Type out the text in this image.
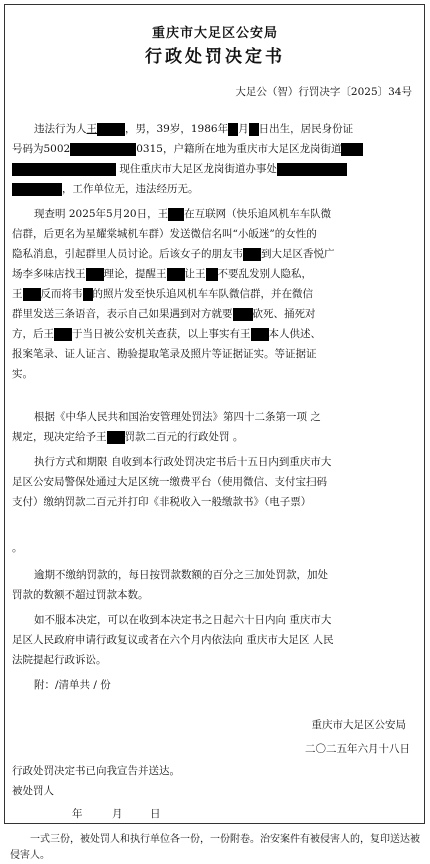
重庆市大足区公安局
行政处罚决定书
大足公（智）行罚决字〔2025〕34号
违法行为人王	，男，39岁，1986年 月 日出生，居民身份证
号码为5002	0315，户籍所在地为重庆市大足区龙岗街道
现住重庆市大足区龙岗街道办事处
，工作单位无，违法经历无。
现查明 2025年5月20日，王 在互联网（快乐追风机车车队微
信群，后更名为星耀棠城机车群）发送微信名叫“小皈迷”的女性的
隐私消息，引起群里人员讨论。后该女子的朋友韦 到大足区香悦广
场李多味店找王 理论，提醒王 让王 不要乱发别人隐私，
王 反而将韦 的照片发至快乐追风机车车队微信群，并在微信
群里发送三条语音，表示自己如果遇到对方就要 砍死、捅死对
方，后王 于当日被公安机关查获，以上事实有王 本人供述、
报案笔录、证人证言、勘验提取笔录及照片等证据证实。等证据证
实。
根据《中华人民共和国治安管理处罚法》第四十二条第一项 之
规定，现决定给予王 罚款二百元的行政处罚 。
执行方式和期限 自收到本行政处罚决定书后十五日内到重庆市大
足区公安局警保处通过大足区统一缴费平台（使用微信、支付宝扫码
支付）缴纳罚款二百元并打印《非税收入一般缴款书》（电子票）
。
逾期不缴纳罚款的，每日按罚款数额的百分之三加处罚款，加处
罚款的数额不超过罚款本数。
如不服本决定，可以在收到本决定书之日起六十日内向 重庆市大
足区人民政府申请行政复议或者在六个月内依法向 重庆市大足区 人民
法院提起行政诉讼。
附：/清单共 / 份
重庆市大足区公安局
二〇二五年六月十八日
行政处罚决定书已向我宣告并送达。
被处罚人
年	月	日
一式三份，被处罚人和执行单位各一份，一份附卷。治安案件有被侵害人的，复印送达被侵害人。
